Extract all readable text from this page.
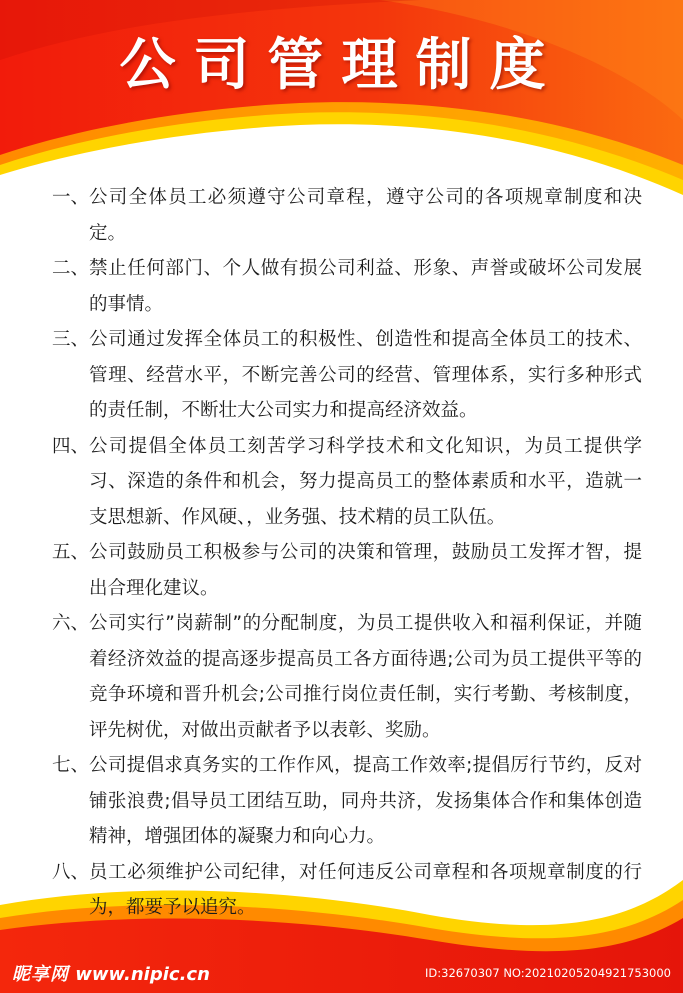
公司管理制度
一、 公司全体员工必须遵守公司章程，遵守公司的各项规章制度和决定。
二、 禁止任何部门、个人做有损公司利益、形象、声誉或破坏公司发展的事情。
三、 公司通过发挥全体员工的积极性、创造性和提高全体员工的技术、管理、经营水平，不断完善公司的经营、管理体系，实行多种形式的责任制，不断壮大公司实力和提高经济效益。
四、 公司提倡全体员工刻苦学习科学技术和文化知识，为员工提供学习、深造的条件和机会，努力提高员工的整体素质和水平，造就一支思想新、作风硬、，业务强、技术精的员工队伍。
五、 公司鼓励员工积极参与公司的决策和管理，鼓励员工发挥才智，提出合理化建议。
六、 公司实行”岗薪制”的分配制度，为员工提供收入和福利保证，并随着经济效益的提高逐步提高员工各方面待遇;公司为员工提供平等的竞争环境和晋升机会;公司推行岗位责任制，实行考勤、考核制度，评先树优，对做出贡献者予以表彰、奖励。
七、 公司提倡求真务实的工作作风，提高工作效率;提倡厉行节约，反对铺张浪费;倡导员工团结互助，同舟共济，发扬集体合作和集体创造精神，增强团体的凝聚力和向心力。
八、 员工必须维护公司纪律，对任何违反公司章程和各项规章制度的行为，都要予以追究。
昵享网 www.nipic.cn	ID:32670307 NO:20210205204921753000
